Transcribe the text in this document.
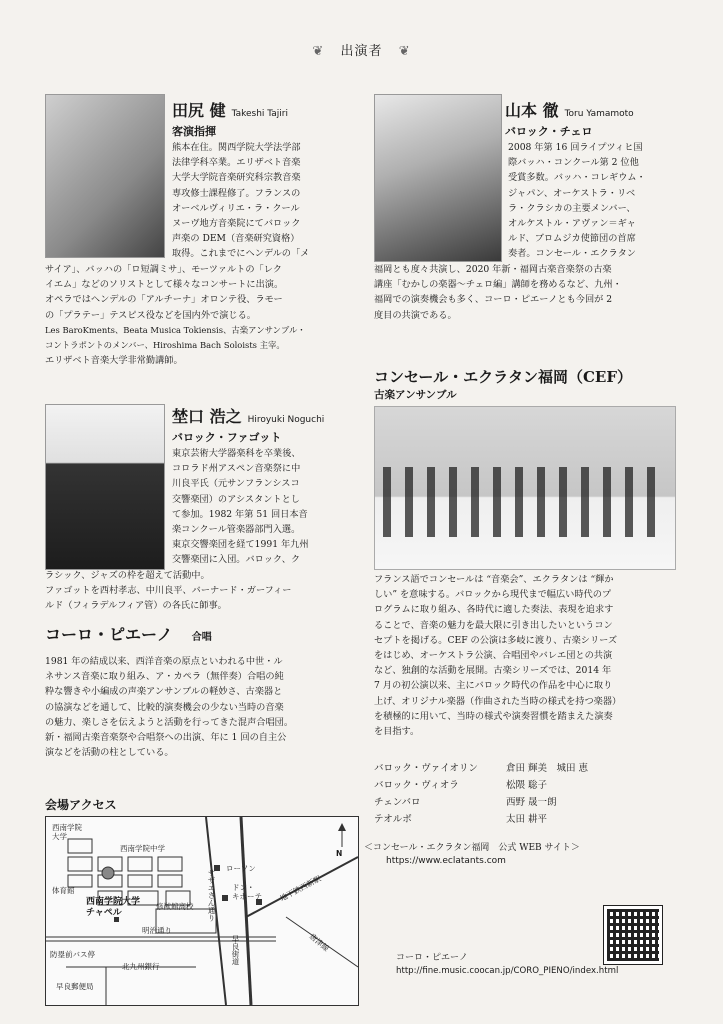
❦ 出演者 ❦
田尻 健 Takeshi Tajiri
客演指揮
熊本在住。関西学院大学法学部
法律学科卒業。エリザベト音楽
大学大学院音楽研究科宗教音楽
専攻修士課程修了。フランスの
オーベルヴィリエ・ラ・クール
ヌーヴ地方音楽院にてバロック
声楽の DEM（音楽研究資格）
取得。これまでにヘンデルの「メ
サイア」、バッハの「ロ短調ミサ」、モーツァルトの「レク
イエム」などのソリストとして様々なコンサートに出演。
オペラではヘンデルの「アルチーナ」オロンテ役、ラモー
の「プラテー」テスピス役などを国内外で演じる。
Les BaroKments、Beata Musica Tokiensis、古楽アンサンブル・
コントラポントのメンバー、Hiroshima Bach Soloists 主宰。
エリザベト音楽大学非常勤講師。
山本 徹 Toru Yamamoto
バロック・チェロ
2008 年第 16 回ライプツィヒ国
際バッハ・コンクール第 2 位他
受賞多数。バッハ・コレギウム・
ジャパン、オーケストラ・リベ
ラ・クラシカの主要メンバー、
オルケストル・アヴァン＝ギャ
ルド、ブロムジカ使節団の首席
奏者。コンセール・エクラタン
福岡とも度々共演し、2020 年新・福岡古楽音楽祭の古楽
講座「むかしの楽器〜チェロ編」講師を務めるなど、九州・
福岡での演奏機会も多く、コーロ・ピエーノとも今回が 2
度目の共演である。
埜口 浩之 Hiroyuki Noguchi
バロック・ファゴット
東京芸術大学器楽科を卒業後、
コロラド州アスペン音楽祭に中
川良平氏（元サンフランシスコ
交響楽団）のアシスタントとし
て参加。1982 年第 51 回日本音
楽コンクール管楽器部門入選。
東京交響楽団を経て1991 年九州
交響楽団に入団。バロック、ク
ラシック、ジャズの枠を超えて活動中。
ファゴットを西村孝志、中川良平、バーナード・ガーフィー
ルド（フィラデルフィア管）の各氏に師事。
コーロ・ピエーノ 合唱
1981 年の結成以来、西洋音楽の原点といわれる中世・ル
ネサンス音楽に取り組み、ア・カペラ（無伴奏）合唱の純
粋な響きや小編成の声楽アンサンブルの軽妙さ、古楽器と
の協演などを通して、比較的演奏機会の少ない当時の音楽
の魅力、楽しさを伝えようと活動を行ってきた混声合唱団。
新・福岡古楽音楽祭や合唱祭への出演、年に 1 回の自主公
演などを活動の柱としている。
コンセール・エクラタン福岡（CEF）
古楽アンサンブル
フランス語でコンセールは “音楽会”、エクラタンは “輝か
しい” を意味する。バロックから現代まで幅広い時代のプ
ログラムに取り組み、各時代に適した奏法、表現を追求す
ることで、音楽の魅力を最大限に引き出したいというコン
セプトを掲げる。CEF の公演は多岐に渡り、古楽シリーズ
をはじめ、オーケストラ公演、合唱団やバレエ団との共演
など、独創的な活動を展開。古楽シリーズでは、2014 年
7 月の初公演以来、主にバロック時代の作品を中心に取り
上げ、オリジナル楽器（作曲された当時の様式を持つ楽器）
を積極的に用いて、当時の様式や演奏習慣を踏まえた演奏
を目指す。
バロック・ヴァイオリン	倉田 輝美　城田 恵
バロック・ヴィオラ	松隈 聡子
チェンバロ	西野 晟一朗
テオルボ	太田 耕平
＜コンセール・エクラタン福岡　公式 WEB サイト＞
https://www.eclatants.com
会場アクセス
西南学院
大学
西南学院中学
体育館
西南学院大学
チャペル
修猷館高校 サザエさん通り
ローソン
ドン・
キホーテ
明治通り
地下鉄西新駅
早良街道	唐津線
防塁前バス停
北九州銀行
早良郵便局
N
コーロ・ピエーノ
http://fine.music.coocan.jp/CORO_PIENO/index.html
